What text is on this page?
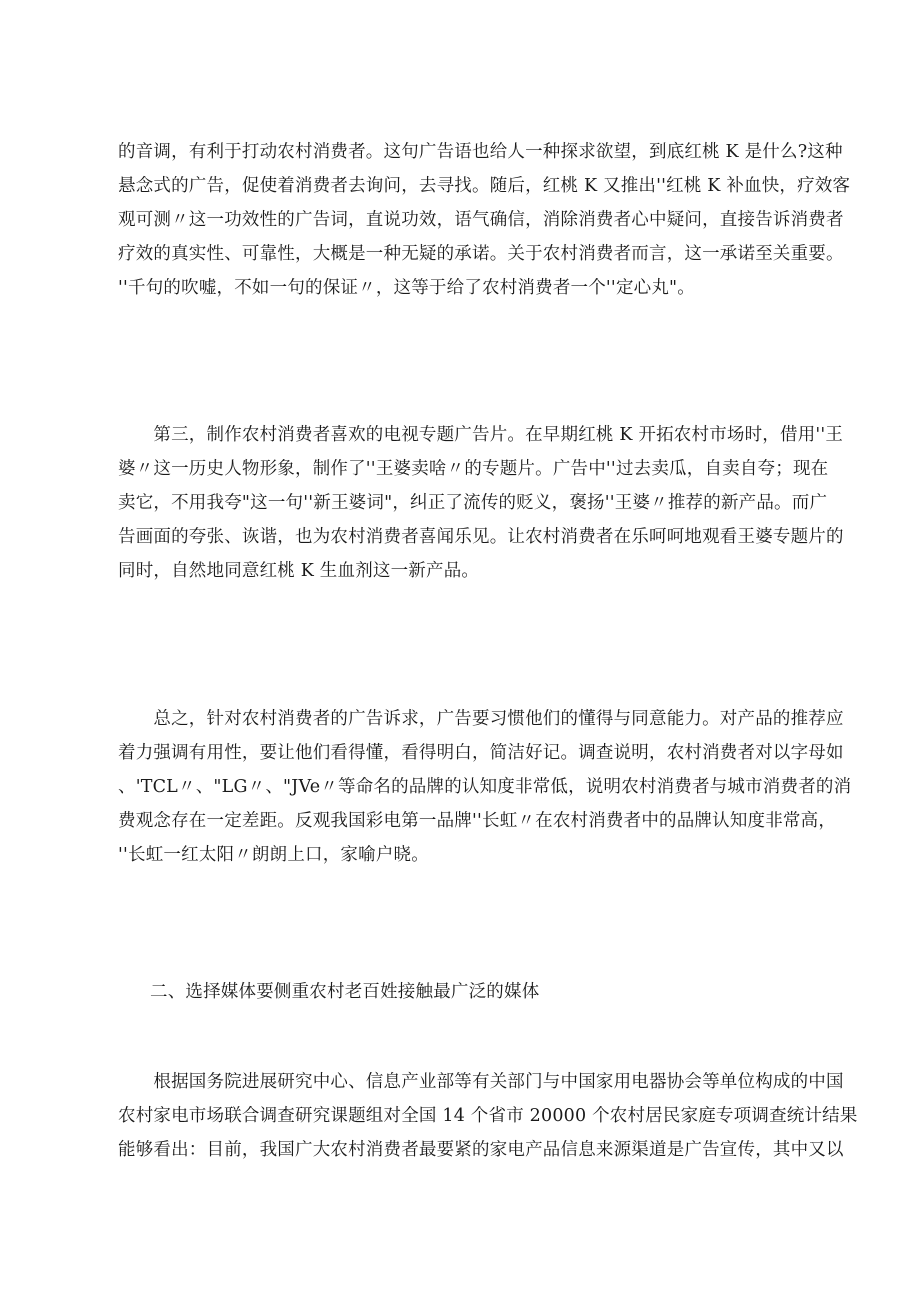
的音调，有利于打动农村消费者。这句广告语也给人一种探求欲望，到底红桃 K 是什么?这种
悬念式的广告，促使着消费者去询问，去寻找。随后，红桃 K 又推出''红桃 K 补血快，疗效客
观可测〃这一功效性的广告词，直说功效，语气确信，消除消费者心中疑问，直接告诉消费者
疗效的真实性、可靠性，大概是一种无疑的承诺。关于农村消费者而言，这一承诺至关重要。
''千句的吹嘘，不如一句的保证〃，这等于给了农村消费者一个''定心丸"。

　　第三，制作农村消费者喜欢的电视专题广告片。在早期红桃 K 开拓农村市场时，借用''王
婆〃这一历史人物形象，制作了''王婆卖啥〃的专题片。广告中''过去卖瓜，自卖自夸；现在
卖它，不用我夸"这一句''新王婆词"，纠正了流传的贬义，褒扬''王婆〃推荐的新产品。而广
告画面的夸张、诙谐，也为农村消费者喜闻乐见。让农村消费者在乐呵呵地观看王婆专题片的
同时，自然地同意红桃 K 生血剂这一新产品。

　　总之，针对农村消费者的广告诉求，广告要习惯他们的懂得与同意能力。对产品的推荐应
着力强调有用性，要让他们看得懂，看得明白，简洁好记。调查说明，农村消费者对以字母如
、'TCL〃、"LG〃、"JVe〃等命名的品牌的认知度非常低，说明农村消费者与城市消费者的消
费观念存在一定差距。反观我国彩电第一品牌''长虹〃在农村消费者中的品牌认知度非常高，
''长虹一红太阳〃朗朗上口，家喻户晓。

二、选择媒体要侧重农村老百姓接触最广泛的媒体

　　根据国务院进展研究中心、信息产业部等有关部门与中国家用电器协会等单位构成的中国
农村家电市场联合调查研究课题组对全国 14 个省市 20000 个农村居民家庭专项调查统计结果
能够看出：目前，我国广大农村消费者最要紧的家电产品信息来源渠道是广告宣传，其中又以
